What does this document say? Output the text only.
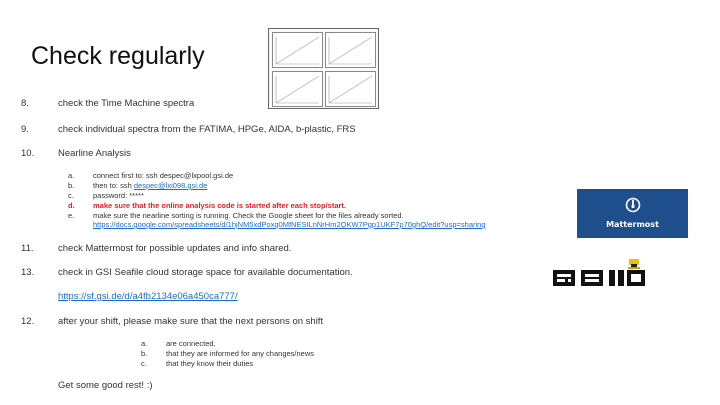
Check regularly
8.	check the Time Machine spectra
9.	check individual spectra from the FATIMA, HPGe, AIDA, b-plastic, FRS
10.	Nearline Analysis
a. connect first to: ssh despec@lxpool.gsi.de
b. then to: ssh despec@lxi098.gsi.de
c.	password: *****
d. make sure that the online analysis code is started after each stop/start.
e. make sure the nearline sorting is running. Check the Google sheet for the files already sorted.
https://docs.google.com/spreadsheets/d/1hjNM5xdPoxq0MfNESILnNrHm2QKW7Pgp1UKF7p70ghQ/edit?usp=sharing	Mattermost
11.	check Mattermost for possible updates and info shared.
13.	check in GSI Seafile cloud storage space for available documentation.
https://sf.gsi.de/d/a4fb2134e06a450ca777/
12.	after your shift, please make sure that the next persons on shift
a. are connected,
b. that they are informed for any changes/news
c.	that they know their duties
Get some good rest! :)
